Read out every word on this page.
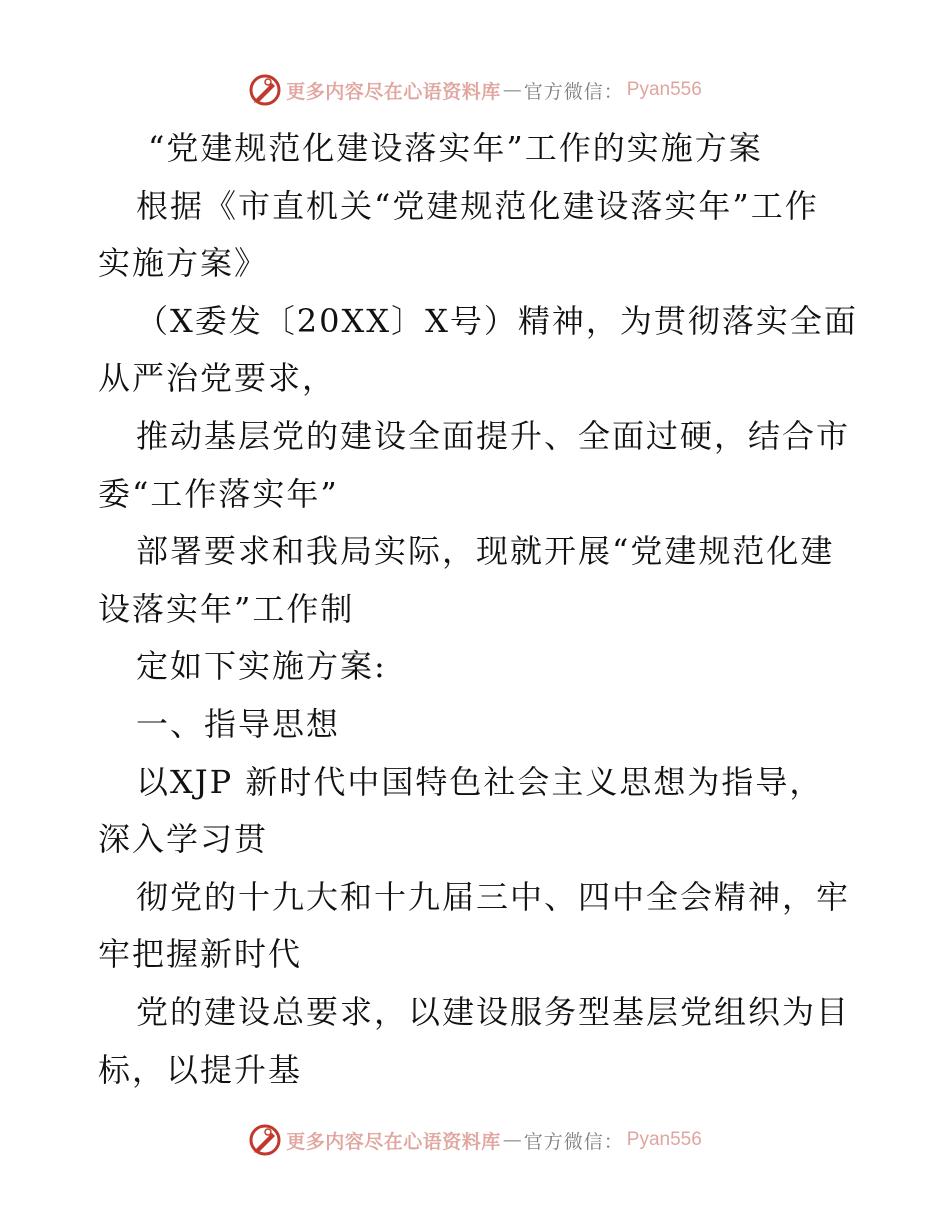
更多内容尽在心语资料库 — 官方微信 ： Pyan556
“党建规范化建设落实年”工作的实施方案
根据《市直机关“党建规范化建设落实年”工作
实施方案》
（X委发〔20XX〕X号）精神，为贯彻落实全面
从严治党要求，
推动基层党的建设全面提升、全面过硬，结合市
委“工作落实年”
部署要求和我局实际，现就开展“党建规范化建
设落实年”工作制
定如下实施方案:
一、指导思想
以XJP 新时代中国特色社会主义思想为指导，
深入学习贯
彻党的十九大和十九届三中、四中全会精神，牢
牢把握新时代
党的建设总要求，以建设服务型基层党组织为目
标，以提升基
更多内容尽在心语资料库 — 官方微信 ： Pyan556
